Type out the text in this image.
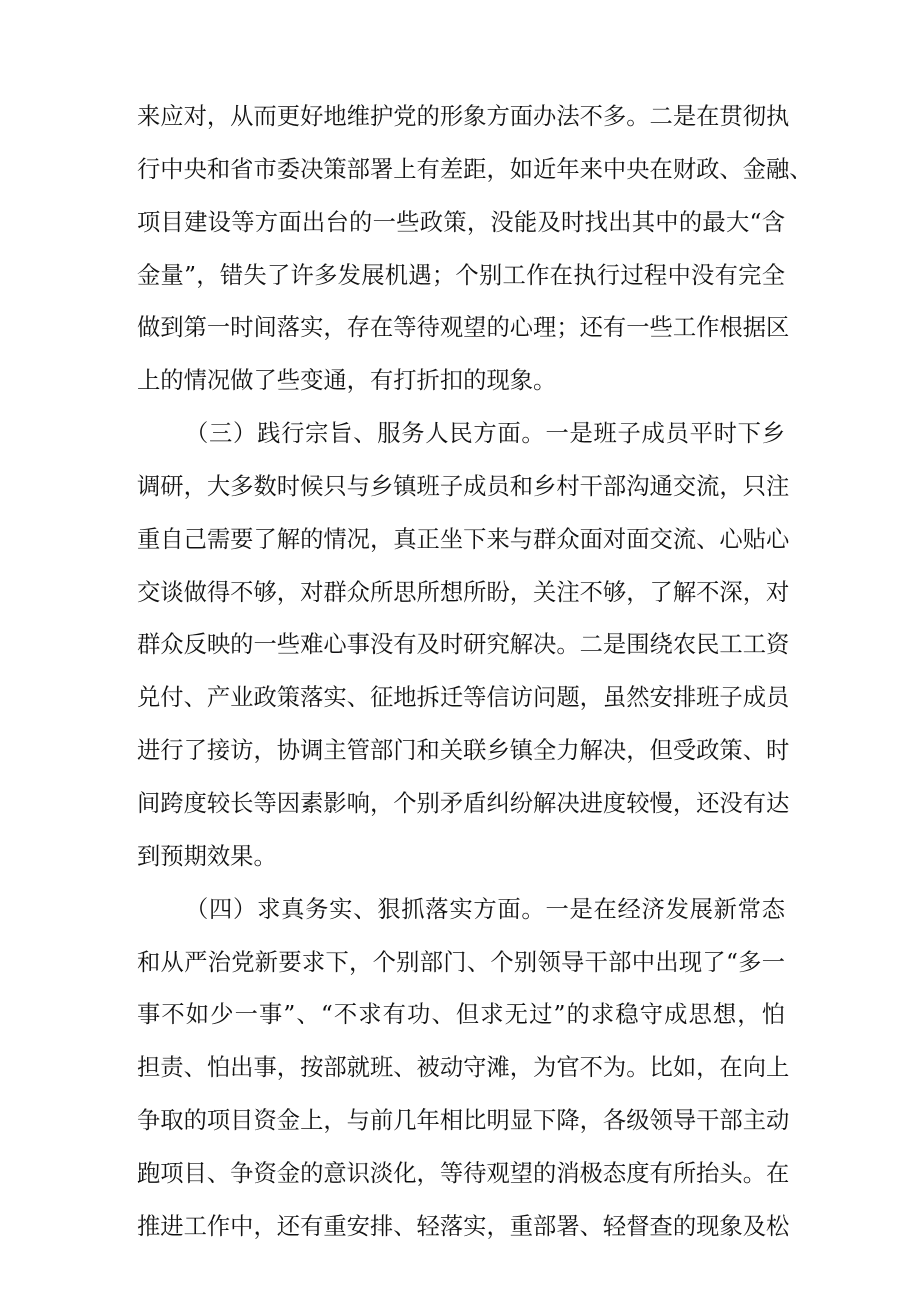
来应对，从而更好地维护党的形象方面办法不多。二是在贯彻执
行中央和省市委决策部署上有差距，如近年来中央在财政、金融、
项目建设等方面出台的一些政策，没能及时找出其中的最大“含
金量”，错失了许多发展机遇；个别工作在执行过程中没有完全
做到第一时间落实，存在等待观望的心理；还有一些工作根据区
上的情况做了些变通，有打折扣的现象。
（三）践行宗旨、服务人民方面。一是班子成员平时下乡
调研，大多数时候只与乡镇班子成员和乡村干部沟通交流，只注
重自己需要了解的情况，真正坐下来与群众面对面交流、心贴心
交谈做得不够，对群众所思所想所盼，关注不够，了解不深，对
群众反映的一些难心事没有及时研究解决。二是围绕农民工工资
兑付、产业政策落实、征地拆迁等信访问题，虽然安排班子成员
进行了接访，协调主管部门和关联乡镇全力解决，但受政策、时
间跨度较长等因素影响，个别矛盾纠纷解决进度较慢，还没有达
到预期效果。
（四）求真务实、狠抓落实方面。一是在经济发展新常态
和从严治党新要求下，个别部门、个别领导干部中出现了“多一
事不如少一事”、“不求有功、但求无过”的求稳守成思想，怕
担责、怕出事，按部就班、被动守滩，为官不为。比如，在向上
争取的项目资金上，与前几年相比明显下降，各级领导干部主动
跑项目、争资金的意识淡化，等待观望的消极态度有所抬头。在
推进工作中，还有重安排、轻落实，重部署、轻督查的现象及松
